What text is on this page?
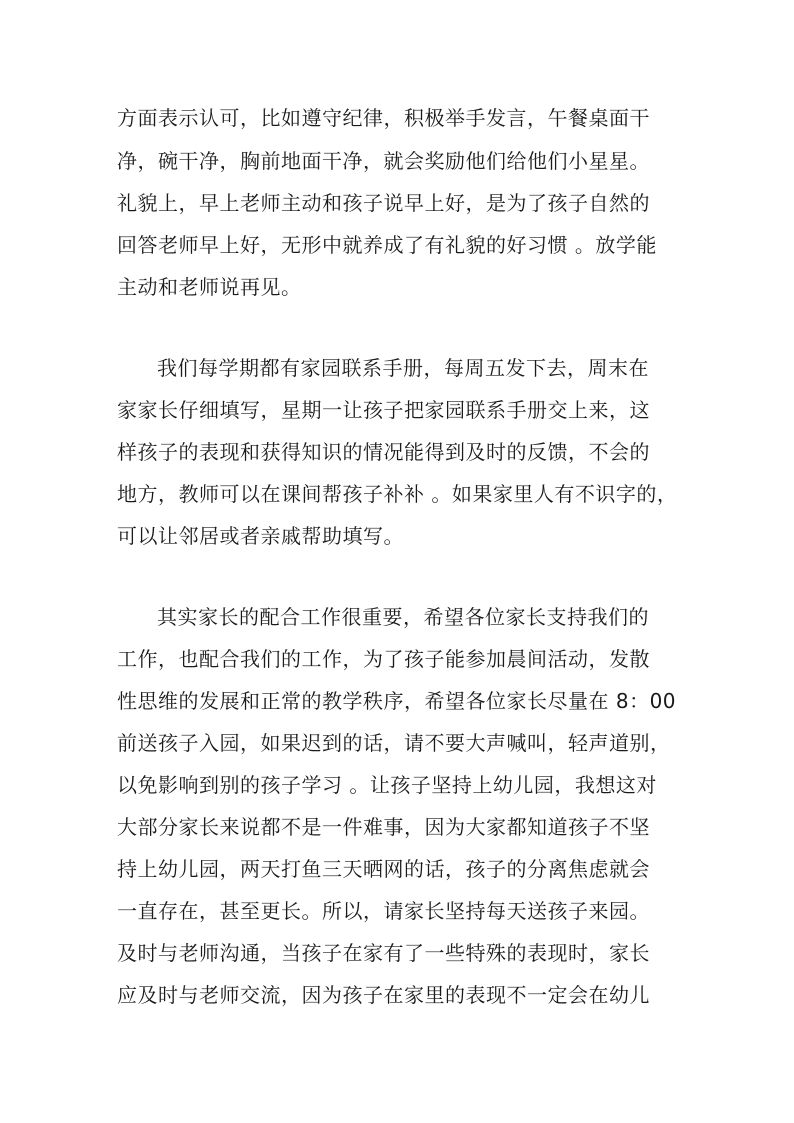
方面表示认可，比如遵守纪律，积极举手发言，午餐桌面干
净，碗干净，胸前地面干净，就会奖励他们给他们小星星。
礼貌上，早上老师主动和孩子说早上好，是为了孩子自然的
回答老师早上好，无形中就养成了有礼貌的好习惯 。放学能
主动和老师说再见。
我们每学期都有家园联系手册，每周五发下去，周末在
家家长仔细填写，星期一让孩子把家园联系手册交上来，这
样孩子的表现和获得知识的情况能得到及时的反馈，不会的
地方，教师可以在课间帮孩子补补 。如果家里人有不识字的，
可以让邻居或者亲戚帮助填写。
其实家长的配合工作很重要，希望各位家长支持我们的
工作，也配合我们的工作，为了孩子能参加晨间活动，发散
性思维的发展和正常的教学秩序，希望各位家长尽量在 8：00
前送孩子入园，如果迟到的话，请不要大声喊叫，轻声道别，
以免影响到别的孩子学习 。让孩子坚持上幼儿园，我想这对
大部分家长来说都不是一件难事，因为大家都知道孩子不坚
持上幼儿园，两天打鱼三天晒网的话，孩子的分离焦虑就会
一直存在，甚至更长。所以，请家长坚持每天送孩子来园。
及时与老师沟通，当孩子在家有了一些特殊的表现时，家长
应及时与老师交流，因为孩子在家里的表现不一定会在幼儿
